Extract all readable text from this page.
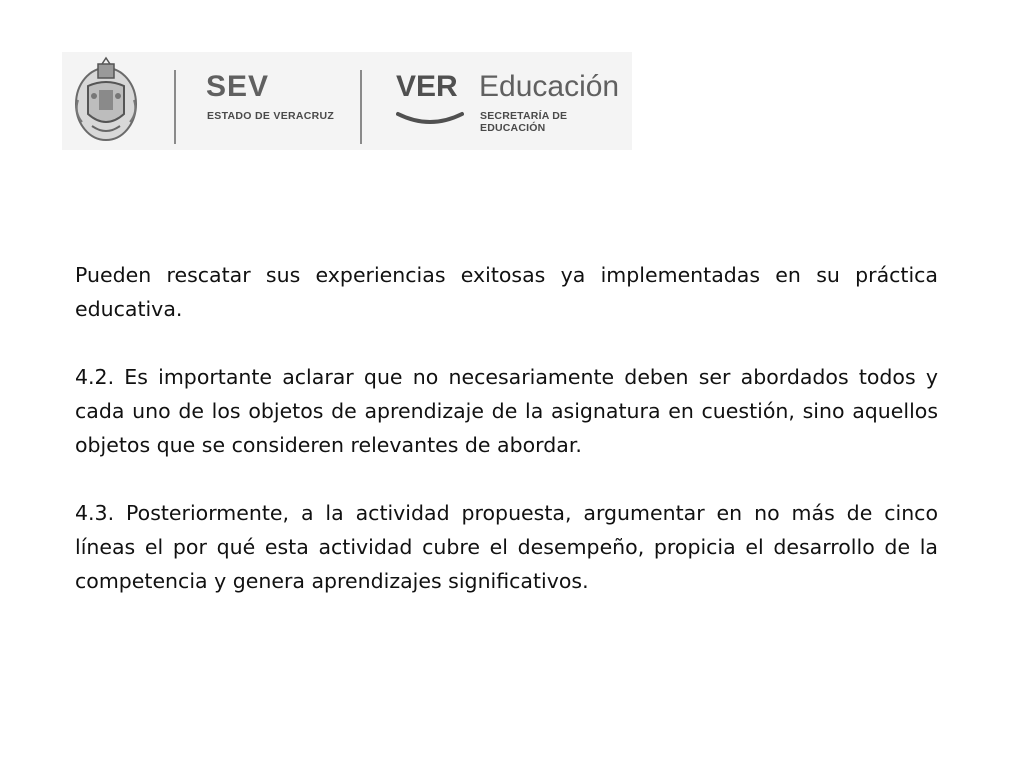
SEV
ESTADO DE VERACRUZ
VER Educación
SECRETARÍA DE EDUCACIÓN

Pueden rescatar sus experiencias exitosas ya implementadas en su práctica educativa.

4.2. Es importante aclarar que no necesariamente deben ser abordados todos y cada uno de los objetos de aprendizaje de la asignatura en cuestión, sino aquellos objetos que se consideren relevantes de abordar.

4.3. Posteriormente, a la actividad propuesta, argumentar en no más de cinco líneas el por qué esta actividad cubre el desempeño, propicia el desarrollo de la competencia y genera aprendizajes significativos.
